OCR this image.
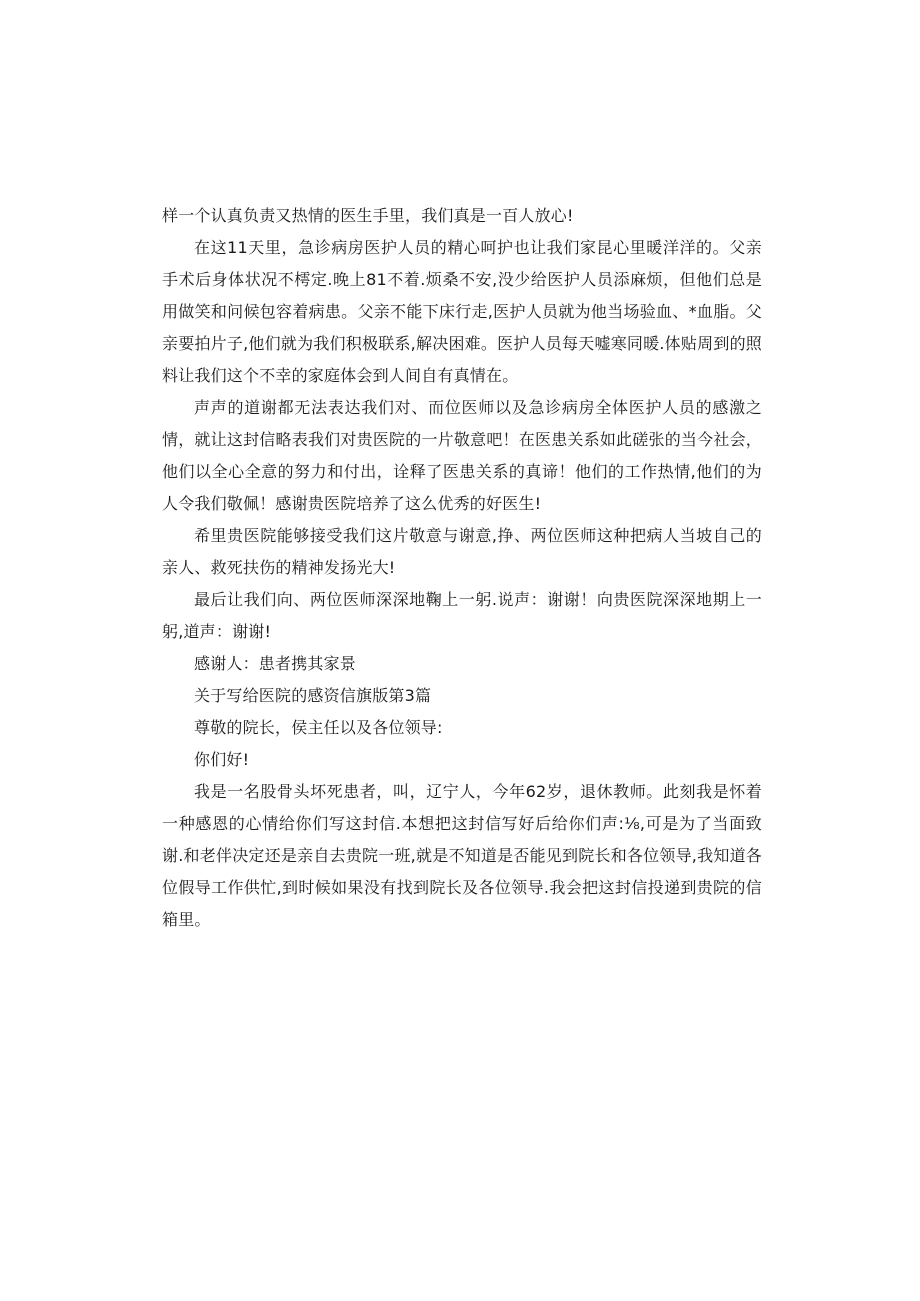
样一个认真负责又热情的医生手里，我们真是一百人放心!

在这11天里，急诊病房医护人员的精心呵护也让我们家昆心里暖洋洋的。父亲手术后身体状况不樗定.晚上81不着.烦桑不安,没少给医护人员添麻烦，但他们总是用做笑和问候包容着病患。父亲不能下床行走,医护人员就为他当场验血、*血脂。父亲要拍片子,他们就为我们积极联系,解决困难。医护人员每天嘘寒同暖.体贴周到的照料让我们这个不幸的家庭体会到人间自有真情在。

声声的道谢都无法表达我们对、而位医师以及急诊病房全体医护人员的感激之情，就让这封信略表我们对贵医院的一片敬意吧！在医患关系如此磋张的当今社会，他们以全心全意的努力和付出，诠释了医患关系的真谛！他们的工作热情,他们的为人令我们敬佩！感谢贵医院培养了这么优秀的好医生!

希里贵医院能够接受我们这片敬意与谢意,挣、两位医师这种把病人当坡自己的亲人、救死扶伤的精神发扬光大!

最后让我们向、两位医师深深地鞠上一躬.说声：谢谢！向贵医院深深地期上一躬,道声：谢谢!

感谢人：患者携其家景

关于写给医院的感资信旗版第3篇

尊敬的院长，侯主任以及各位领导:

你们好!

我是一名股骨头坏死患者，叫，辽宁人，今年62岁，退休教师。此刻我是怀着一种感恩的心情给你们写这封信.本想把这封信写好后给你们声:⅛,可是为了当面致谢.和老伴决定还是亲自去贵院一班,就是不知道是否能见到院长和各位领导,我知道各位假导工作供忙,到时候如果没有找到院长及各位领导.我会把这封信投递到贵院的信箱里。
